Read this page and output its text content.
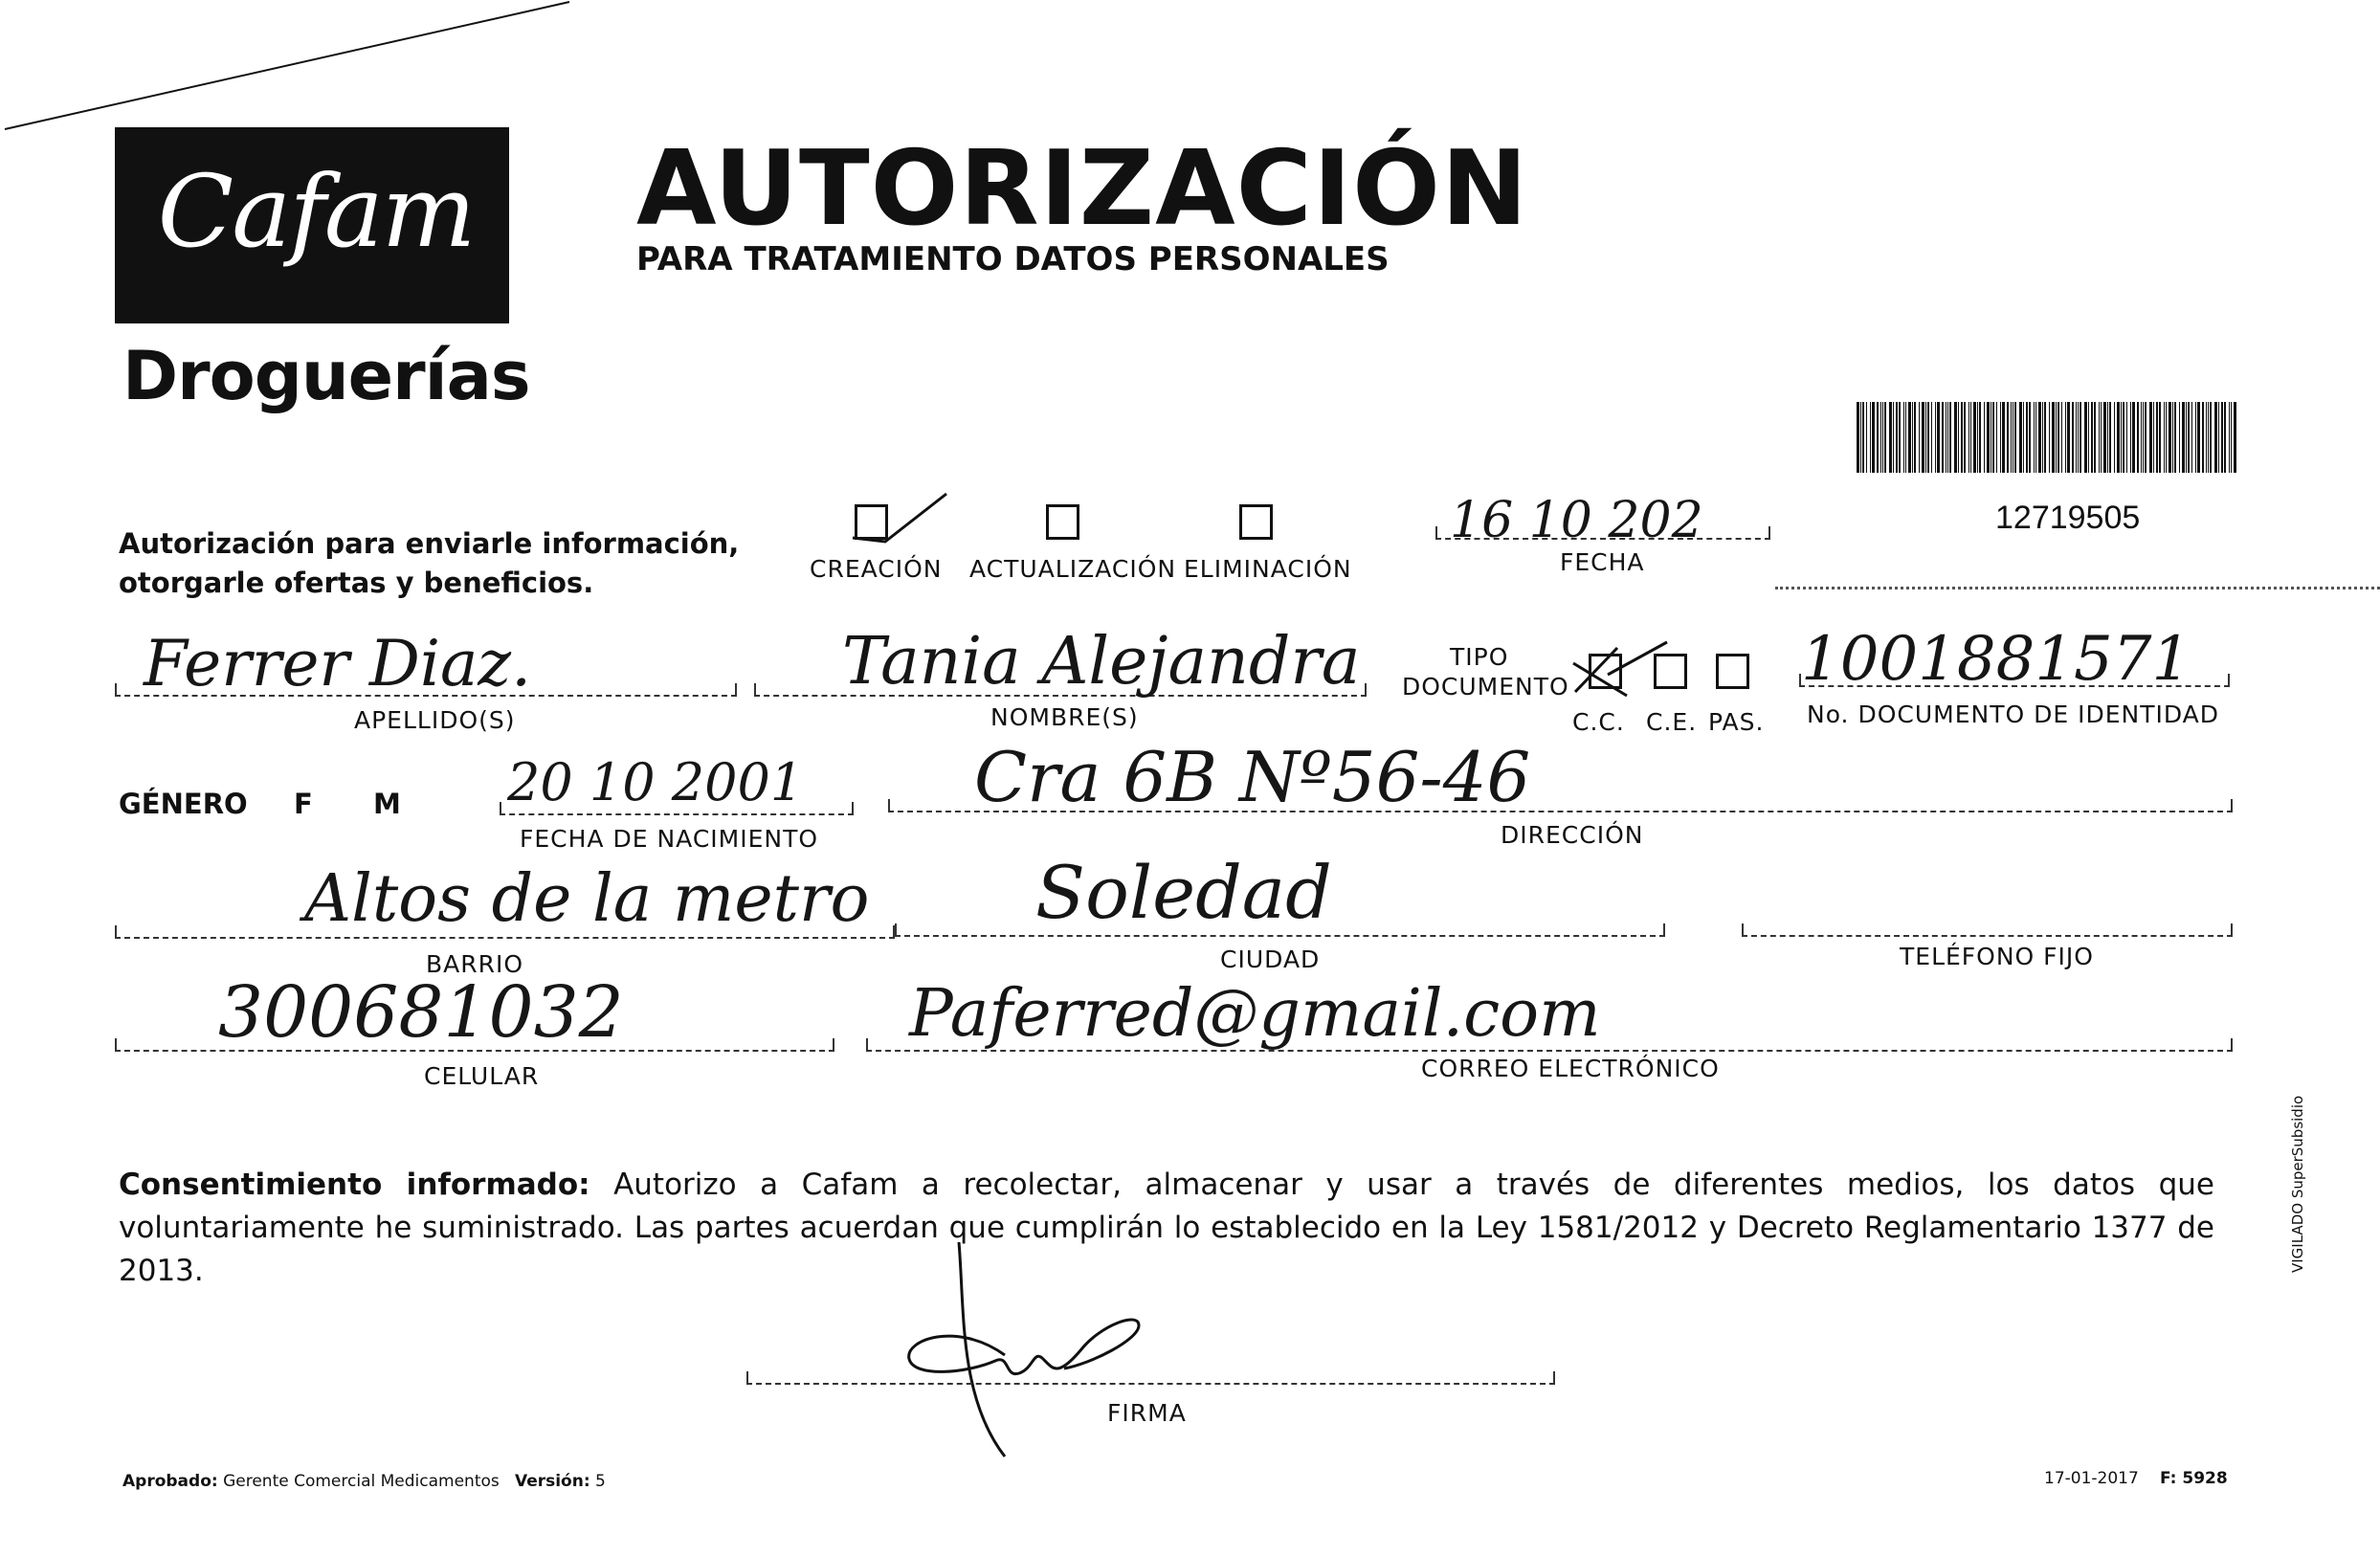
Cafam
Droguerías
AUTORIZACIÓN
PARA TRATAMIENTO DATOS PERSONALES
12719505
Autorización para enviarle información,
otorgarle ofertas y beneficios.	CREACIÓN ACTUALIZACIÓN ELIMINACIÓN
16 10 202
FECHA
Ferrer Diaz.
APELLIDO(S)
Tania Alejandra
NOMBRE(S)
TIPO
DOCUMENTO
C.C. C.E. PAS.
1001881571
No. DOCUMENTO DE IDENTIDAD
GÉNERO F M 20 10 2001
FECHA DE NACIMIENTO
Cra 6B Nº56-46
DIRECCIÓN
Altos de la metro
BARRIO
Soledad
CIUDAD	TELÉFONO FIJO
300681032
CELULAR
Paferred@gmail.com
CORREO ELECTRÓNICO
Consentimiento informado: Autorizo a Cafam a recolectar, almacenar y usar a través de diferentes medios, los datos que voluntariamente he suministrado. Las partes acuerdan que cumplirán lo establecido en la Ley 1581/2012 y Decreto Reglamentario 1377 de 2013.
FIRMA
Aprobado: Gerente Comercial Medicamentos Versión: 5	17-01-2017 F: 5928
VIGILADO SuperSubsidio
